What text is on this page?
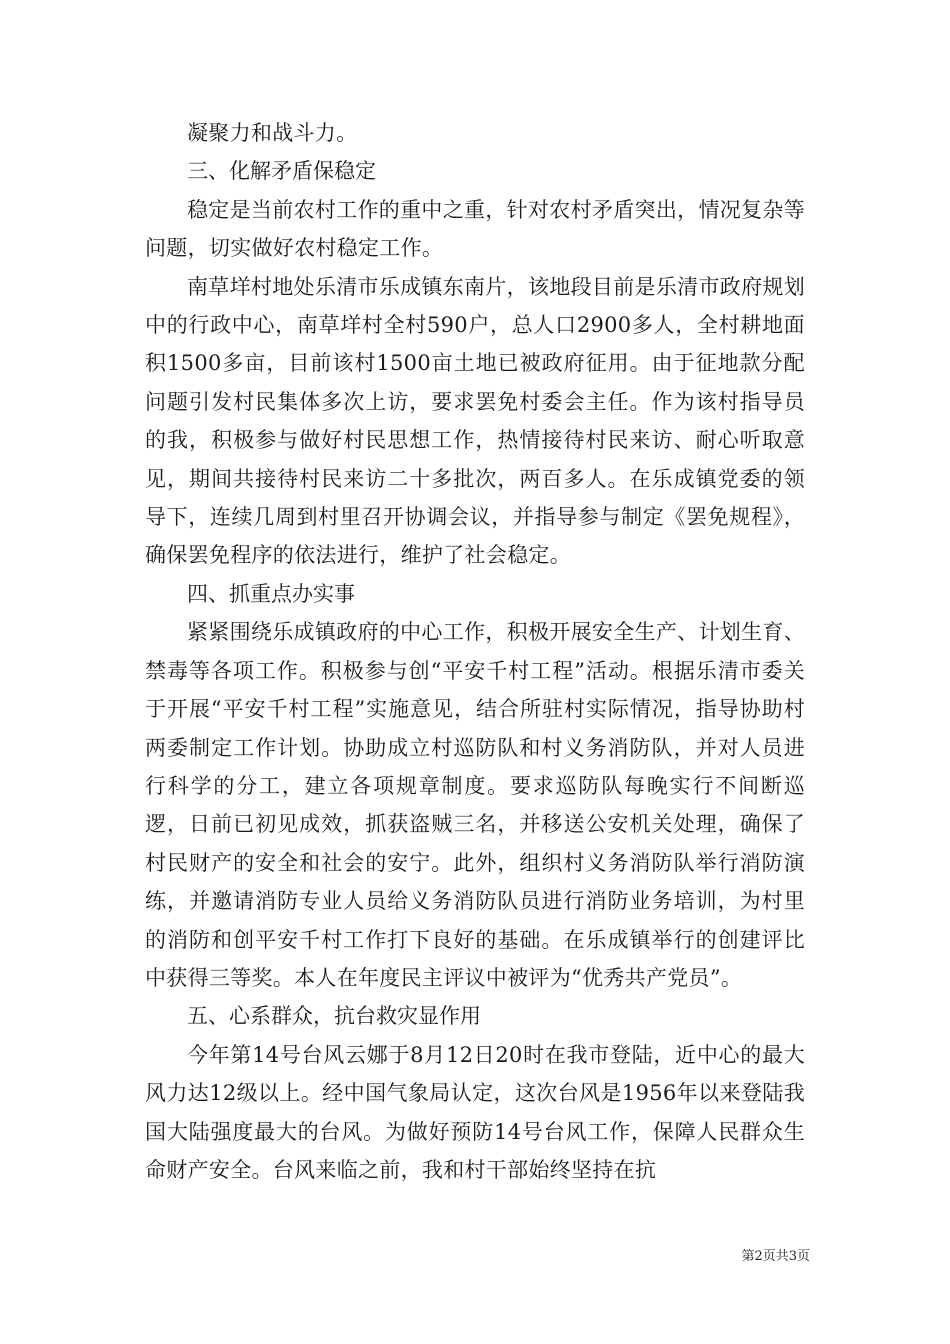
凝聚力和战斗力。

三、化解矛盾保稳定

稳定是当前农村工作的重中之重，针对农村矛盾突出，情况复杂等问题，切实做好农村稳定工作。

南草垟村地处乐清市乐成镇东南片，该地段目前是乐清市政府规划中的行政中心，南草垟村全村590户，总人口2900多人，全村耕地面积1500多亩，目前该村1500亩土地已被政府征用。由于征地款分配问题引发村民集体多次上访，要求罢免村委会主任。作为该村指导员的我，积极参与做好村民思想工作，热情接待村民来访、耐心听取意见，期间共接待村民来访二十多批次，两百多人。在乐成镇党委的领导下，连续几周到村里召开协调会议，并指导参与制定《罢免规程》，确保罢免程序的依法进行，维护了社会稳定。

四、抓重点办实事

紧紧围绕乐成镇政府的中心工作，积极开展安全生产、计划生育、禁毒等各项工作。积极参与创“平安千村工程”活动。根据乐清市委关于开展“平安千村工程”实施意见，结合所驻村实际情况，指导协助村两委制定工作计划。协助成立村巡防队和村义务消防队，并对人员进行科学的分工，建立各项规章制度。要求巡防队每晚实行不间断巡逻，日前已初见成效，抓获盗贼三名，并移送公安机关处理，确保了村民财产的安全和社会的安宁。此外，组织村义务消防队举行消防演练，并邀请消防专业人员给义务消防队员进行消防业务培训，为村里的消防和创平安千村工作打下良好的基础。在乐成镇举行的创建评比中获得三等奖。本人在年度民主评议中被评为“优秀共产党员”。

五、心系群众，抗台救灾显作用

今年第14号台风云娜于8月12日20时在我市登陆，近中心的最大风力达12级以上。经中国气象局认定，这次台风是1956年以来登陆我国大陆强度最大的台风。为做好预防14号台风工作，保障人民群众生命财产安全。台风来临之前，我和村干部始终坚持在抗

第2页共3页
